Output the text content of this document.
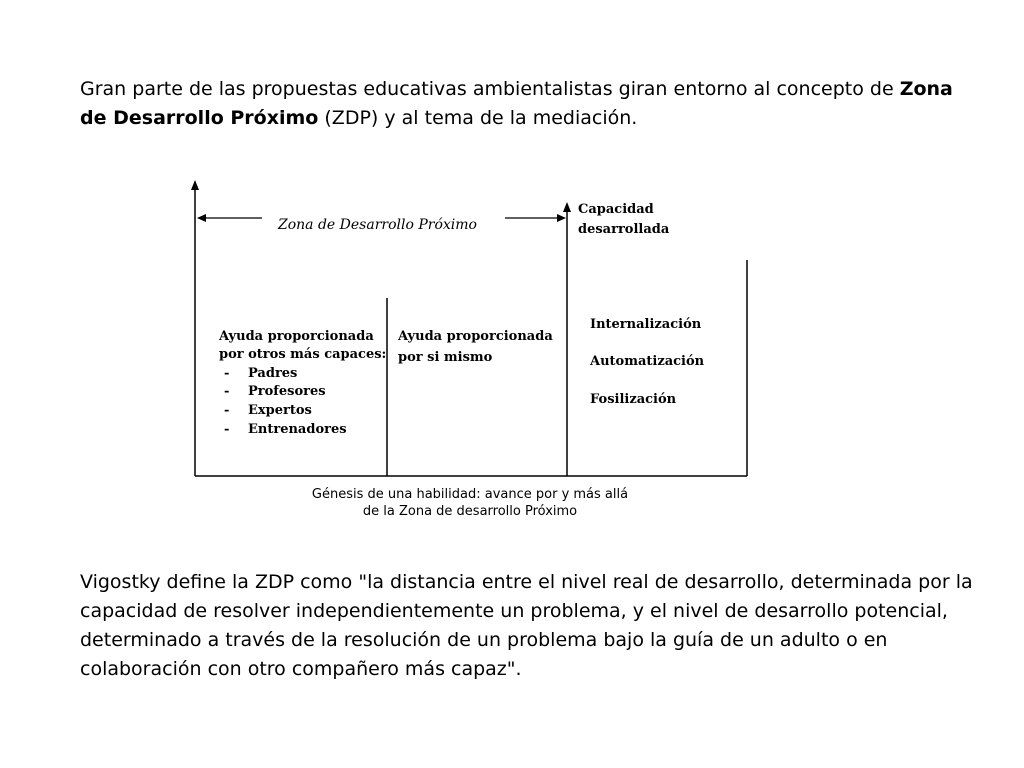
Gran parte de las propuestas educativas ambientalistas giran entorno al concepto de Zona de Desarrollo Próximo (ZDP) y al tema de la mediación.
Zona de Desarrollo Próximo
Capacidad
desarrollada
Ayuda proporcionada
por otros más capaces:
- Padres
- Profesores
- Expertos
- Entrenadores
Ayuda proporcionada
por si mismo
Internalización
Automatización
Fosilización
Génesis de una habilidad: avance por y más allá
de la Zona de desarrollo Próximo
Vigostky define la ZDP como "la distancia entre el nivel real de desarrollo, determinada por la capacidad de resolver independientemente un problema, y el nivel de desarrollo potencial, determinado a través de la resolución de un problema bajo la guía de un adulto o en colaboración con otro compañero más capaz".
